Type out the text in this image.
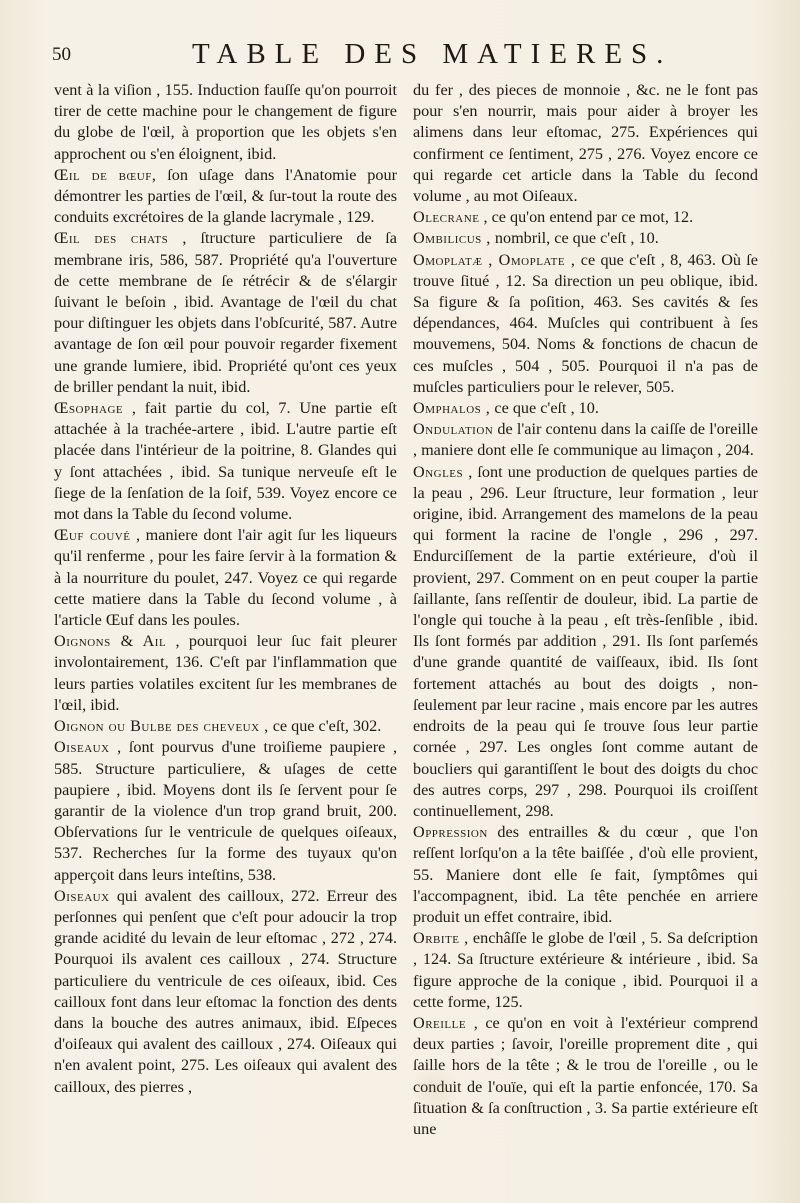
50	TABLE DES MATIERES.

vent à la viſion , 155. Induction fauſſe qu'on pourroit tirer de cette machine pour le changement de figure du globe de l'œil, à proportion que les objets s'en approchent ou s'en éloignent, ibid.

Œil de bœuf, ſon uſage dans l'Anatomie pour démontrer les parties de l'œil, & ſur-tout la route des conduits excrétoires de la glande lacrymale , 129.

Œil des chats , ſtructure particuliere de ſa membrane iris, 586, 587. Propriété qu'a l'ouverture de cette membrane de ſe rétrécir & de s'élargir ſuivant le beſoin , ibid. Avantage de l'œil du chat pour diſtinguer les objets dans l'obſcurité, 587. Autre avantage de ſon œil pour pouvoir regarder fixement une grande lumiere, ibid. Propriété qu'ont ces yeux de briller pendant la nuit, ibid.

Œsophage , fait partie du col, 7. Une partie eſt attachée à la trachée-artere , ibid. L'autre partie eſt placée dans l'intérieur de la poitrine, 8. Glandes qui y ſont attachées , ibid. Sa tunique nerveuſe eſt le ſiege de la ſenſation de la ſoif, 539. Voyez encore ce mot dans la Table du ſecond volume.

Œuf couvé , maniere dont l'air agit ſur les liqueurs qu'il renferme , pour les faire ſervir à la formation & à la nourriture du poulet, 247. Voyez ce qui regarde cette matiere dans la Table du ſecond volume , à l'article Œuf dans les poules.

Oignons & Ail , pourquoi leur ſuc fait pleurer involontairement, 136. C'eſt par l'inflammation que leurs parties volatiles excitent ſur les membranes de l'œil, ibid.

Oignon ou Bulbe des cheveux , ce que c'eſt, 302.

Oiseaux , ſont pourvus d'une troiſieme paupiere , 585. Structure particuliere, & uſages de cette paupiere , ibid. Moyens dont ils ſe ſervent pour ſe garantir de la violence d'un trop grand bruit, 200. Obſervations ſur le ventricule de quelques oiſeaux, 537. Recherches ſur la forme des tuyaux qu'on apperçoit dans leurs inteſtins, 538.

Oiſeaux qui avalent des cailloux, 272. Erreur des perſonnes qui penſent que c'eſt pour adoucir la trop grande acidité du levain de leur eſtomac , 272 , 274. Pourquoi ils avalent ces cailloux , 274. Structure particuliere du ventricule de ces oiſeaux, ibid. Ces cailloux font dans leur eſtomac la fonction des dents dans la bouche des autres animaux, ibid. Eſpeces d'oiſeaux qui avalent des cailloux , 274. Oiſeaux qui n'en avalent point, 275. Les oiſeaux qui avalent des cailloux, des pierres ,

du fer , des pieces de monnoie , &c. ne le font pas pour s'en nourrir, mais pour aider à broyer les alimens dans leur eſtomac, 275. Expériences qui confirment ce ſentiment, 275 , 276. Voyez encore ce qui regarde cet article dans la Table du ſecond volume , au mot Oiſeaux.

Olecrane , ce qu'on entend par ce mot, 12.

Ombilicus , nombril, ce que c'eſt , 10.

Omoplatæ , Omoplate , ce que c'eſt , 8, 463. Où ſe trouve ſitué , 12. Sa direction un peu oblique, ibid. Sa figure & ſa poſition, 463. Ses cavités & ſes dépendances, 464. Muſcles qui contribuent à ſes mouvemens, 504. Noms & fonctions de chacun de ces muſcles , 504 , 505. Pourquoi il n'a pas de muſcles particuliers pour le relever, 505.

Omphalos , ce que c'eſt , 10.

Ondulation de l'air contenu dans la caiſſe de l'oreille , maniere dont elle ſe communique au limaçon , 204.

Ongles , ſont une production de quelques parties de la peau , 296. Leur ſtructure, leur formation , leur origine, ibid. Arrangement des mamelons de la peau qui forment la racine de l'ongle , 296 , 297. Endurciſſement de la partie extérieure, d'où il provient, 297. Comment on en peut couper la partie ſaillante, ſans reſſentir de douleur, ibid. La partie de l'ongle qui touche à la peau , eſt très-ſenſible , ibid. Ils ſont formés par addition , 291. Ils ſont parſemés d'une grande quantité de vaiſſeaux, ibid. Ils ſont fortement attachés au bout des doigts , non-ſeulement par leur racine , mais encore par les autres endroits de la peau qui ſe trouve ſous leur partie cornée , 297. Les ongles ſont comme autant de boucliers qui garantiſſent le bout des doigts du choc des autres corps, 297 , 298. Pourquoi ils croiſſent continuellement, 298.

Oppression des entrailles & du cœur , que l'on reſſent lorſqu'on a la tête baiſſée , d'où elle provient, 55. Maniere dont elle ſe fait, ſymptômes qui l'accompagnent, ibid. La tête penchée en arriere produit un effet contraire, ibid.

Orbite , enchâſſe le globe de l'œil , 5. Sa deſcription , 124. Sa ſtructure extérieure & intérieure , ibid. Sa figure approche de la conique , ibid. Pourquoi il a cette forme, 125.

Oreille , ce qu'on en voit à l'extérieur comprend deux parties ; ſavoir, l'oreille proprement dite , qui ſaille hors de la tête ; & le trou de l'oreille , ou le conduit de l'ouïe, qui eſt la partie enfoncée, 170. Sa ſituation & ſa conſtruction , 3. Sa partie extérieure eſt une
